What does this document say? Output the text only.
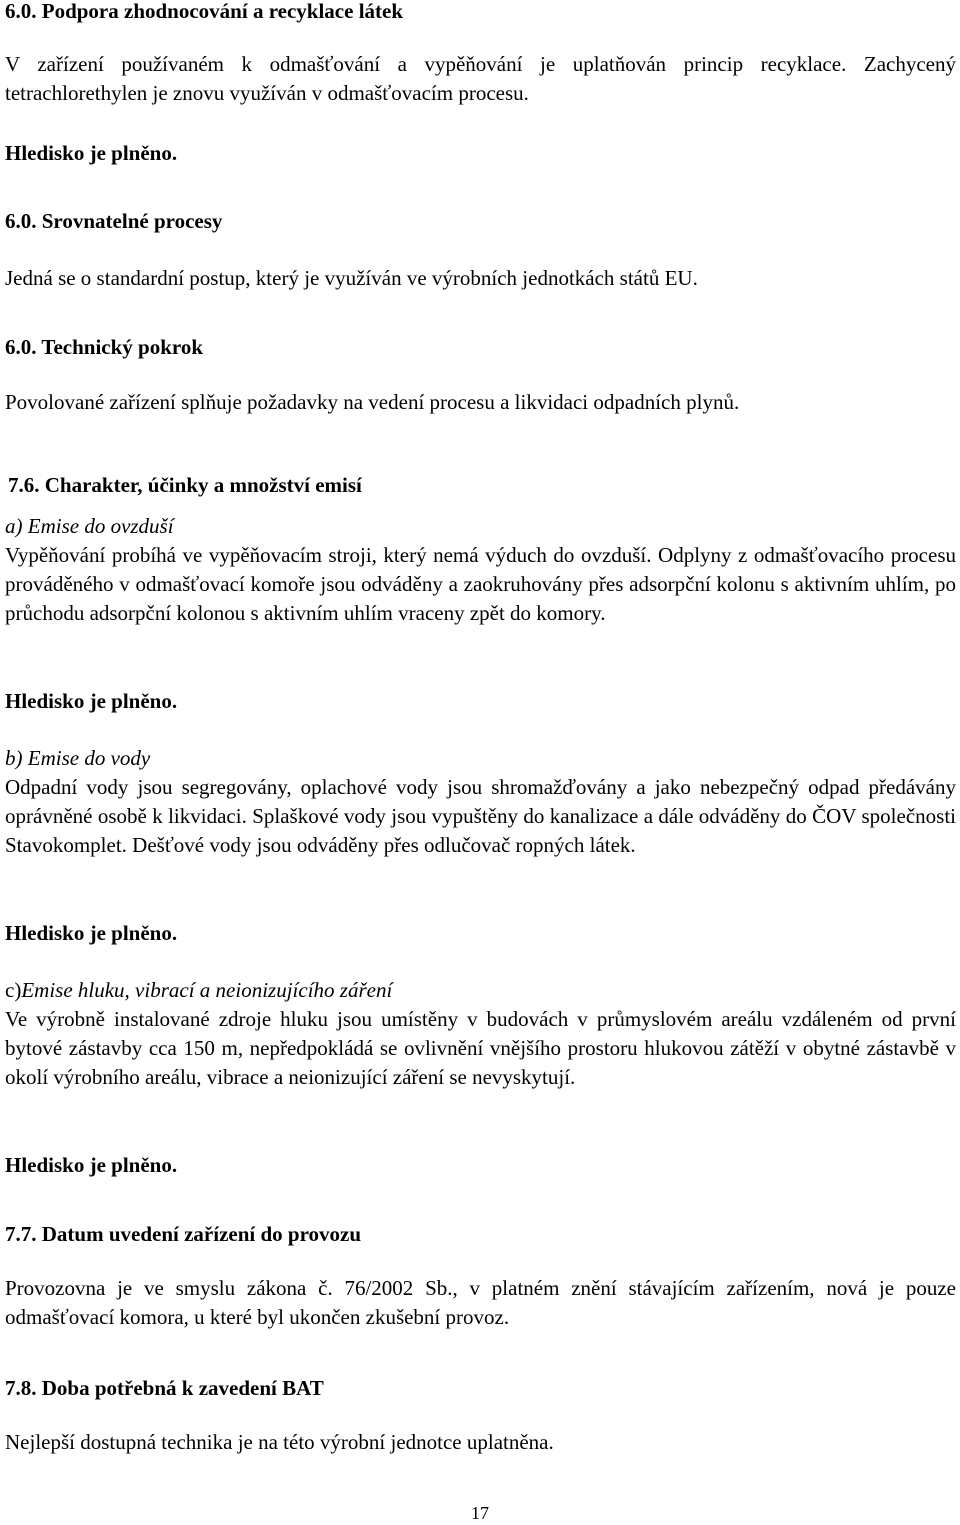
6.0. Podpora zhodnocování a recyklace látek

V zařízení používaném k odmašťování a vypěňování je uplatňován princip recyklace. Zachycený tetrachlorethylen je znovu využíván v odmašťovacím procesu.

Hledisko je plněno.
6.0. Srovnatelné procesy
Jedná se o standardní postup, který je využíván ve výrobních jednotkách států EU.
6.0. Technický pokrok
Povolované zařízení splňuje požadavky na vedení procesu a likvidaci odpadních plynů.
7.6. Charakter, účinky a množství emisí
a) Emise do ovzduší

Vypěňování probíhá ve vypěňovacím stroji, který nemá výduch do ovzduší. Odplyny z odmašťovacího procesu prováděného v odmašťovací komoře jsou odváděny a zaokruhovány přes adsorpční kolonu s aktivním uhlím, po průchodu adsorpční kolonou s aktivním uhlím vraceny zpět do komory.

Hledisko je plněno.
b) Emise do vody

Odpadní vody jsou segregovány, oplachové vody jsou shromažďovány a jako nebezpečný odpad předávány oprávněné osobě k likvidaci. Splaškové vody jsou vypuštěny do kanalizace a dále odváděny do ČOV společnosti Stavokomplet. Dešťové vody jsou odváděny přes odlučovač ropných látek.

Hledisko je plněno.
c)Emise hluku, vibrací a neionizujícího záření

Ve výrobně instalované zdroje hluku jsou umístěny v budovách v průmyslovém areálu vzdáleném od první bytové zástavby cca 150 m, nepředpokládá se ovlivnění vnějšího prostoru hlukovou zátěží v obytné zástavbě v okolí výrobního areálu, vibrace a neionizující záření se nevyskytují.

Hledisko je plněno.
7.7. Datum uvedení zařízení do provozu

Provozovna je ve smyslu zákona č. 76/2002 Sb., v platném znění stávajícím zařízením, nová je pouze odmašťovací komora, u které byl ukončen zkušební provoz.

7.8. Doba potřebná k zavedení BAT
Nejlepší dostupná technika je na této výrobní jednotce uplatněna.
17
